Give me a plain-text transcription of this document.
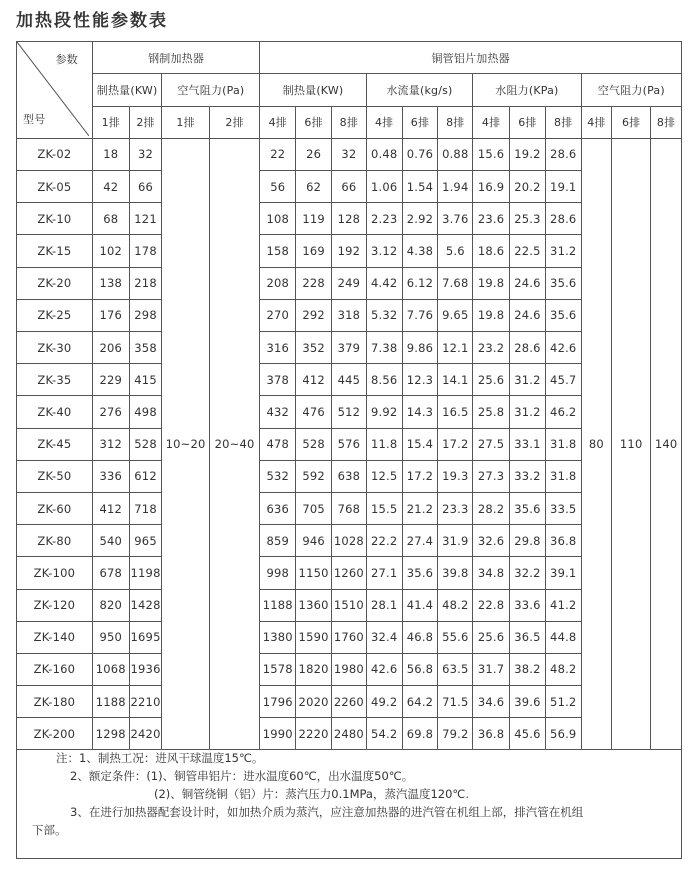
加热段性能参数表
参数
型号	钢制加热器				铜管铝片加热器											
	制热量(KW)		空气阻力(Pa)		制热量(KW)			水流量(kg/s)			水阻力(KPa)			空气阻力(Pa)		
	1排	2排	1排	2排	4排	6排	8排	4排	6排	8排	4排	6排	8排	4排	6排	8排
ZK-02	18	32	10~20	20~40	22	26	32	0.48	0.76	0.88	15.6	19.2	28.6	80	110	140
ZK-05	42	66			56	62	66	1.06	1.54	1.94	16.9	20.2	19.1			
ZK-10	68	121			108	119	128	2.23	2.92	3.76	23.6	25.3	28.6			
ZK-15	102	178			158	169	192	3.12	4.38	5.6	18.6	22.5	31.2			
ZK-20	138	218			208	228	249	4.42	6.12	7.68	19.8	24.6	35.6			
ZK-25	176	298			270	292	318	5.32	7.76	9.65	19.8	24.6	35.6			
ZK-30	206	358			316	352	379	7.38	9.86	12.1	23.2	28.6	42.6			
ZK-35	229	415			378	412	445	8.56	12.3	14.1	25.6	31.2	45.7			
ZK-40	276	498			432	476	512	9.92	14.3	16.5	25.8	31.2	46.2			
ZK-45	312	528			478	528	576	11.8	15.4	17.2	27.5	33.1	31.8			
ZK-50	336	612			532	592	638	12.5	17.2	19.3	27.3	33.2	31.8			
ZK-60	412	718			636	705	768	15.5	21.2	23.3	28.2	35.6	33.5			
ZK-80	540	965			859	946	1028	22.2	27.4	31.9	32.6	29.8	36.8			
ZK-100	678	1198			998	1150	1260	27.1	35.6	39.8	34.8	32.2	39.1			
ZK-120	820	1428			1188	1360	1510	28.1	41.4	48.2	22.8	33.6	41.2			
ZK-140	950	1695			1380	1590	1760	32.4	46.8	55.6	25.6	36.5	44.8			
ZK-160	1068	1936			1578	1820	1980	42.6	56.8	63.5	31.7	38.2	48.2			
ZK-180	1188	2210			1796	2020	2260	49.2	64.2	71.5	34.6	39.6	51.2			
ZK-200	1298	2420			1990	2220	2480	54.2	69.8	79.2	36.8	45.6	56.9			
注：1、制热工况：进风干球温度15℃。
2、额定条件：(1)、铜管串铝片：进水温度60℃，出水温度50℃。
(2)、铜管绕铜（铝）片：蒸汽压力0.1MPa，蒸汽温度120℃.
3、在进行加热器配套设计时，如加热介质为蒸汽，应注意加热器的进汽管在机组上部，排汽管在机组
下部。
